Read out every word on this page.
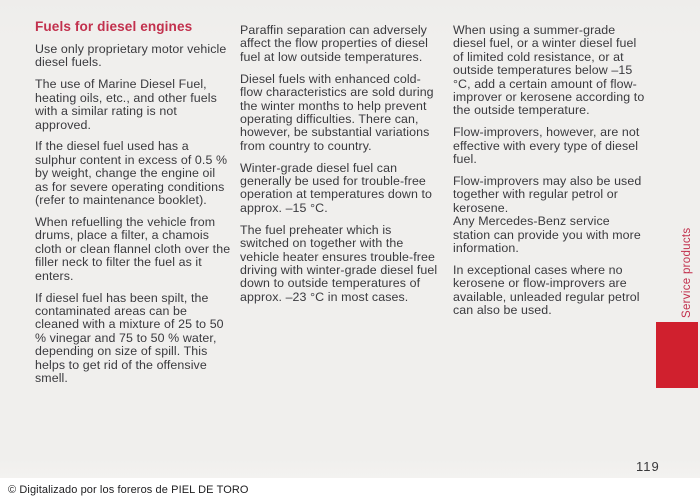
Fuels for diesel engines

Use only proprietary motor vehicle diesel fuels.

The use of Marine Diesel Fuel, heating oils, etc., and other fuels with a similar rating is not approved.

If the diesel fuel used has a sulphur content in excess of 0.5 % by weight, change the engine oil as for severe operating conditions (refer to maintenance booklet).

When refuelling the vehicle from drums, place a filter, a chamois cloth or clean flannel cloth over the filler neck to filter the fuel as it enters.

If diesel fuel has been spilt, the contaminated areas can be cleaned with a mixture of 25 to 50 % vinegar and 75 to 50 % water, depending on size of spill. This helps to get rid of the offensive smell.

Paraffin separation can adversely affect the flow properties of diesel fuel at low outside temperatures.

Diesel fuels with enhanced cold-flow characteristics are sold during the winter months to help prevent operating difficulties. There can, however, be substantial variations from country to country.

Winter-grade diesel fuel can generally be used for trouble-free operation at temperatures down to approx. –15 °C.

The fuel preheater which is switched on together with the vehicle heater ensures trouble-free driving with winter-grade diesel fuel down to outside temperatures of approx. –23 °C in most cases.

When using a summer-grade diesel fuel, or a winter diesel fuel of limited cold resistance, or at outside temperatures below –15 °C, add a certain amount of flow-improver or kerosene according to the outside temperature.

Flow-improvers, however, are not effective with every type of diesel fuel.

Flow-improvers may also be used together with regular petrol or kerosene.

Any Mercedes-Benz service station can provide you with more information.

In exceptional cases where no kerosene or flow-improvers are available, unleaded regular petrol can also be used.	Service products
119
© Digitalizado por los foreros de PIEL DE TORO
